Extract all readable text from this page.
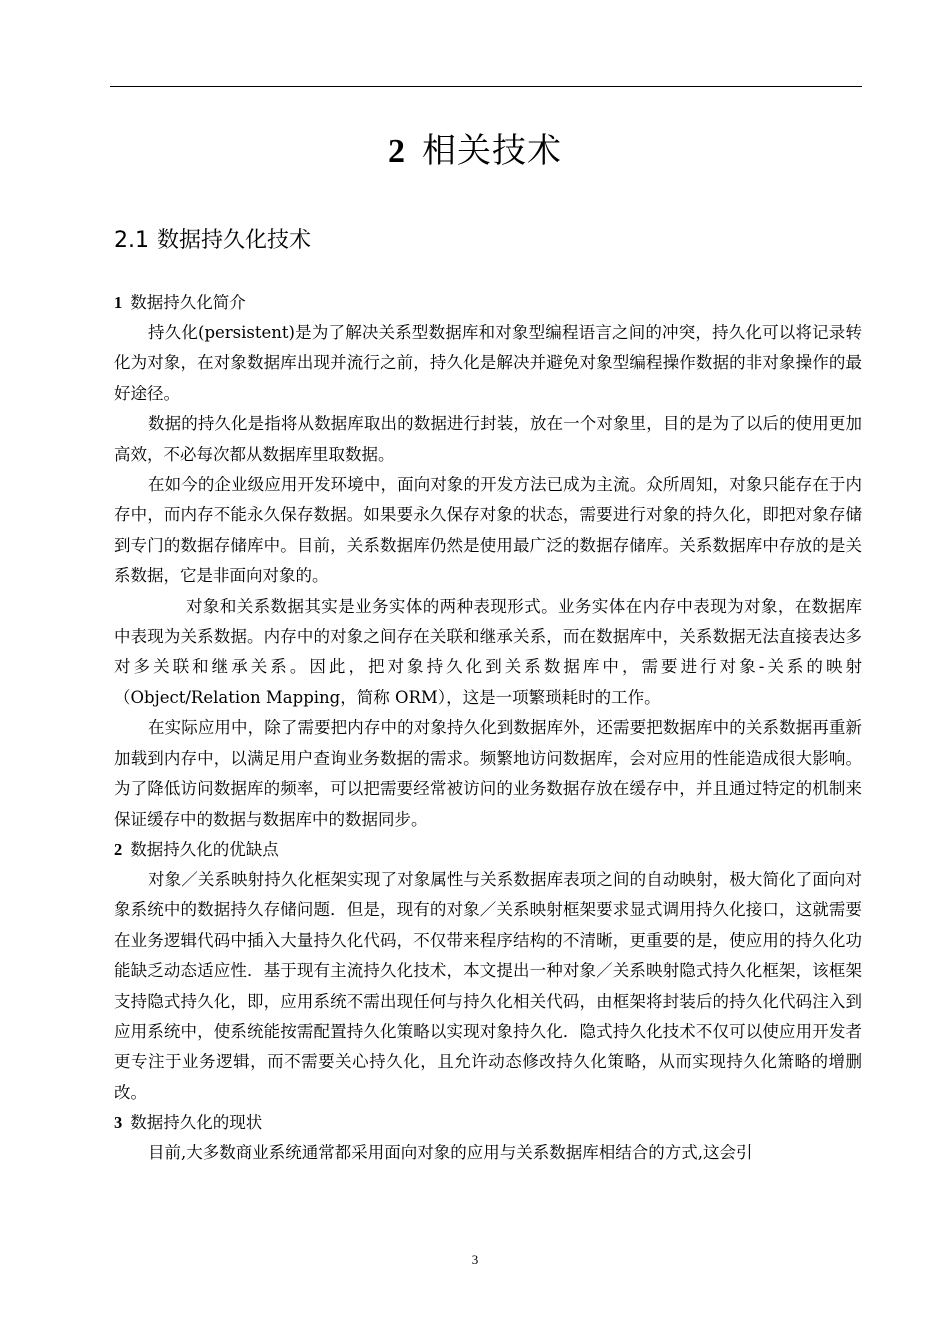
2 相关技术
2.1 数据持久化技术
1 数据持久化简介

持久化(persistent)是为了解决关系型数据库和对象型编程语言之间的冲突，持久化可以将记录转化为对象，在对象数据库出现并流行之前，持久化是解决并避免对象型编程操作数据的非对象操作的最好途径。

数据的持久化是指将从数据库取出的数据进行封装，放在一个对象里，目的是为了以后的使用更加高效，不必每次都从数据库里取数据。

在如今的企业级应用开发环境中，面向对象的开发方法已成为主流。众所周知，对象只能存在于内存中，而内存不能永久保存数据。如果要永久保存对象的状态，需要进行对象的持久化，即把对象存储到专门的数据存储库中。目前，关系数据库仍然是使用最广泛的数据存储库。关系数据库中存放的是关系数据，它是非面向对象的。

对象和关系数据其实是业务实体的两种表现形式。业务实体在内存中表现为对象，在数据库中表现为关系数据。内存中的对象之间存在关联和继承关系，而在数据库中，关系数据无法直接表达多对多关联和继承关系。因此，把对象持久化到关系数据库中，需要进行对象-关系的映射（Object/Relation Mapping，简称 ORM），这是一项繁琐耗时的工作。

在实际应用中，除了需要把内存中的对象持久化到数据库外，还需要把数据库中的关系数据再重新加载到内存中，以满足用户查询业务数据的需求。频繁地访问数据库，会对应用的性能造成很大影响。为了降低访问数据库的频率，可以把需要经常被访问的业务数据存放在缓存中，并且通过特定的机制来保证缓存中的数据与数据库中的数据同步。

2 数据持久化的优缺点

对象／关系映射持久化框架实现了对象属性与关系数据库表项之间的自动映射，极大简化了面向对象系统中的数据持久存储问题．但是，现有的对象／关系映射框架要求显式调用持久化接口，这就需要在业务逻辑代码中插入大量持久化代码，不仅带来程序结构的不清晰，更重要的是，使应用的持久化功能缺乏动态适应性．基于现有主流持久化技术，本文提出一种对象／关系映射隐式持久化框架，该框架支持隐式持久化，即，应用系统不需出现任何与持久化相关代码，由框架将封装后的持久化代码注入到应用系统中，使系统能按需配置持久化策略以实现对象持久化．隐式持久化技术不仅可以使应用开发者更专注于业务逻辑，而不需要关心持久化，且允许动态修改持久化策略，从而实现持久化箫略的增删改。

3 数据持久化的现状

目前,大多数商业系统通常都采用面向对象的应用与关系数据库相结合的方式,这会引

3
